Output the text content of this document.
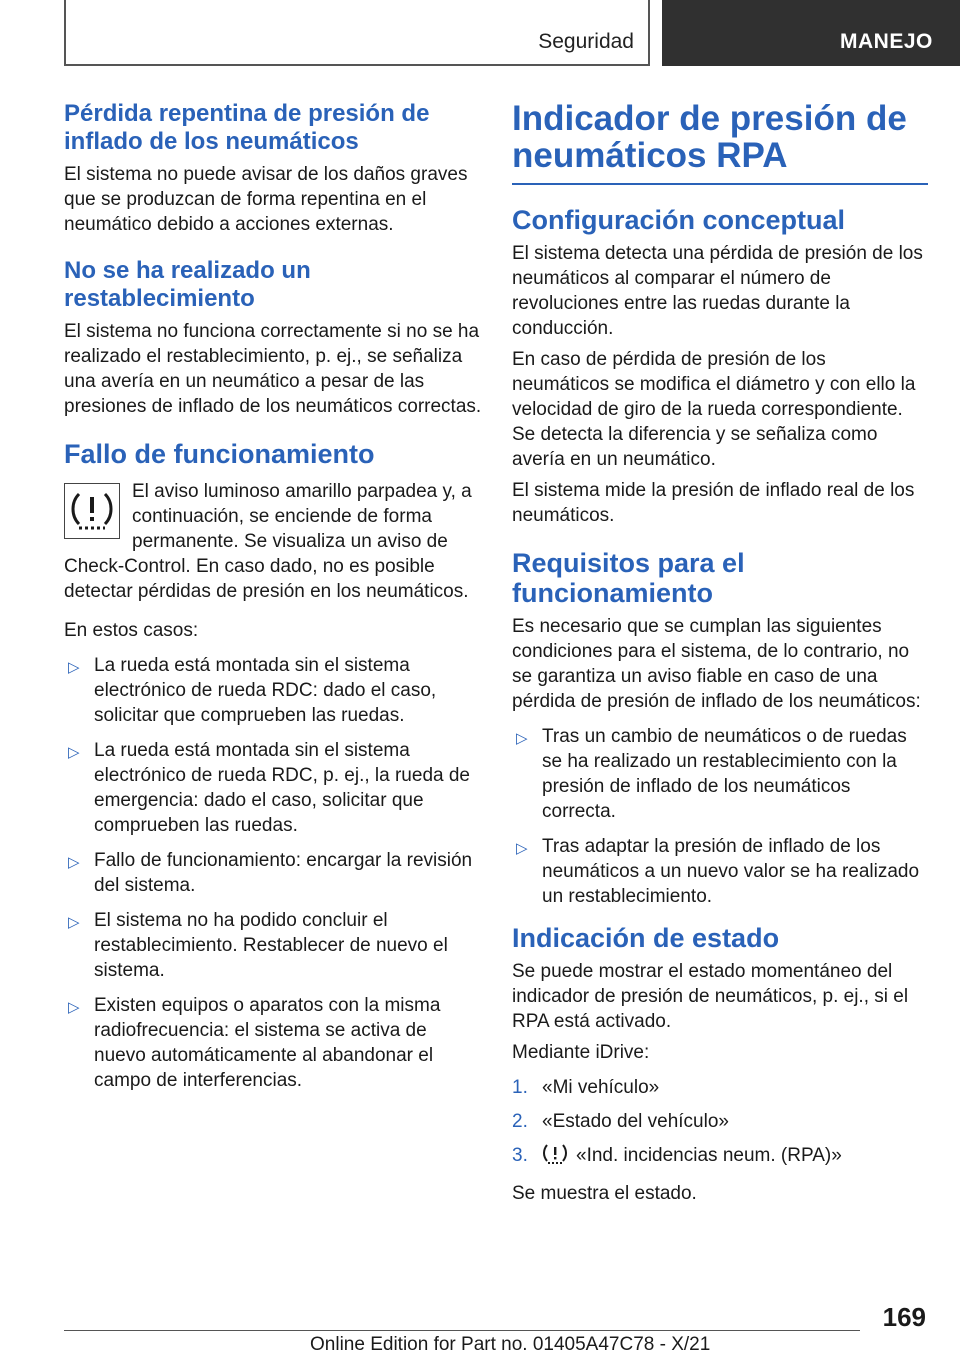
Seguridad	MANEJO
Pérdida repentina de presión de inflado de los neumáticos

El sistema no puede avisar de los daños graves que se produzcan de forma repentina en el neumático debido a acciones externas.

No se ha realizado un restablecimiento

El sistema no funciona correctamente si no se ha realizado el restablecimiento, p. ej., se señaliza una avería en un neumático a pesar de las presiones de inflado de los neumáticos correctas.

Fallo de funcionamiento

El aviso luminoso amarillo parpadea y, a continuación, se enciende de forma permanente. Se visualiza un aviso de Check-Control. En caso dado, no es posible detectar pérdidas de presión en los neumáticos.

En estos casos:

▷ La rueda está montada sin el sistema electrónico de rueda RDC: dado el caso, solicitar que comprueben las ruedas.
▷ La rueda está montada sin el sistema electrónico de rueda RDC, p. ej., la rueda de emergencia: dado el caso, solicitar que comprueben las ruedas.
▷ Fallo de funcionamiento: encargar la revisión del sistema.
▷ El sistema no ha podido concluir el restablecimiento. Restablecer de nuevo el sistema.
▷ Existen equipos o aparatos con la misma radiofrecuencia: el sistema se activa de nuevo automáticamente al abandonar el campo de interferencias.
Indicador de presión de neumáticos RPA
Configuración conceptual

El sistema detecta una pérdida de presión de los neumáticos al comparar el número de revoluciones entre las ruedas durante la conducción.

En caso de pérdida de presión de los neumáticos se modifica el diámetro y con ello la velocidad de giro de la rueda correspondiente. Se detecta la diferencia y se señaliza como avería en un neumático.

El sistema mide la presión de inflado real de los neumáticos.

Requisitos para el funcionamiento

Es necesario que se cumplan las siguientes condiciones para el sistema, de lo contrario, no se garantiza un aviso fiable en caso de una pérdida de presión de inflado de los neumáticos:

▷ Tras un cambio de neumáticos o de ruedas se ha realizado un restablecimiento con la presión de inflado de los neumáticos correcta.
▷ Tras adaptar la presión de inflado de los neumáticos a un nuevo valor se ha realizado un restablecimiento.
Indicación de estado

Se puede mostrar el estado momentáneo del indicador de presión de neumáticos, p. ej., si el RPA está activado.

Mediante iDrive:

1. «Mi vehículo»
2. «Estado del vehículo»
3.	«Ind. incidencias neum. (RPA)»

Se muestra el estado.

169
Online Edition for Part no. 01405A47C78 - X/21
